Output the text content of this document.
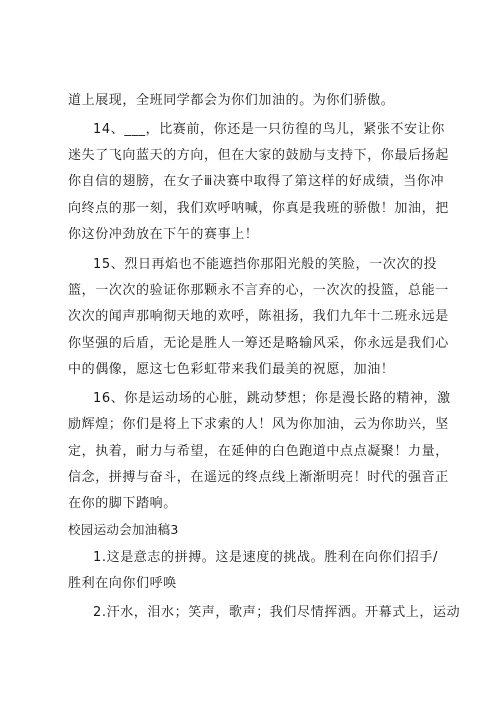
道上展现，全班同学都会为你们加油的。为你们骄傲。
14、___，比赛前，你还是一只彷徨的鸟儿，紧张不安让你
迷失了飞向蓝天的方向，但在大家的鼓励与支持下，你最后扬起
你自信的翅膀，在女子ⅲ决赛中取得了第这样的好成绩，当你冲
向终点的那一刻，我们欢呼呐喊，你真是我班的骄傲！加油，把
你这份冲劲放在下午的赛事上！
15、烈日再焰也不能遮挡你那阳光般的笑脸，一次次的投
篮，一次次的验证你那颗永不言弃的心，一次次的投篮，总能一
次次的闻声那响彻天地的欢呼，陈祖扬，我们九年十二班永远是
你坚强的后盾，无论是胜人一筹还是略输风采，你永远是我们心
中的偶像，愿这七色彩虹带来我们最美的祝愿，加油！
16、你是运动场的心脏，跳动梦想；你是漫长路的精神，激
励辉煌；你们是将上下求索的人！风为你加油，云为你助兴，坚
定，执着，耐力与希望，在延伸的白色跑道中点点凝聚！力量，
信念，拼搏与奋斗，在遥远的终点线上渐渐明亮！时代的强音正
在你的脚下踏响。
校园运动会加油稿3
1.这是意志的拼搏。这是速度的挑战。胜利在向你们招手/
胜利在向你们呼唤
2.汗水，泪水；笑声，歌声；我们尽情挥洒。开幕式上，运动
